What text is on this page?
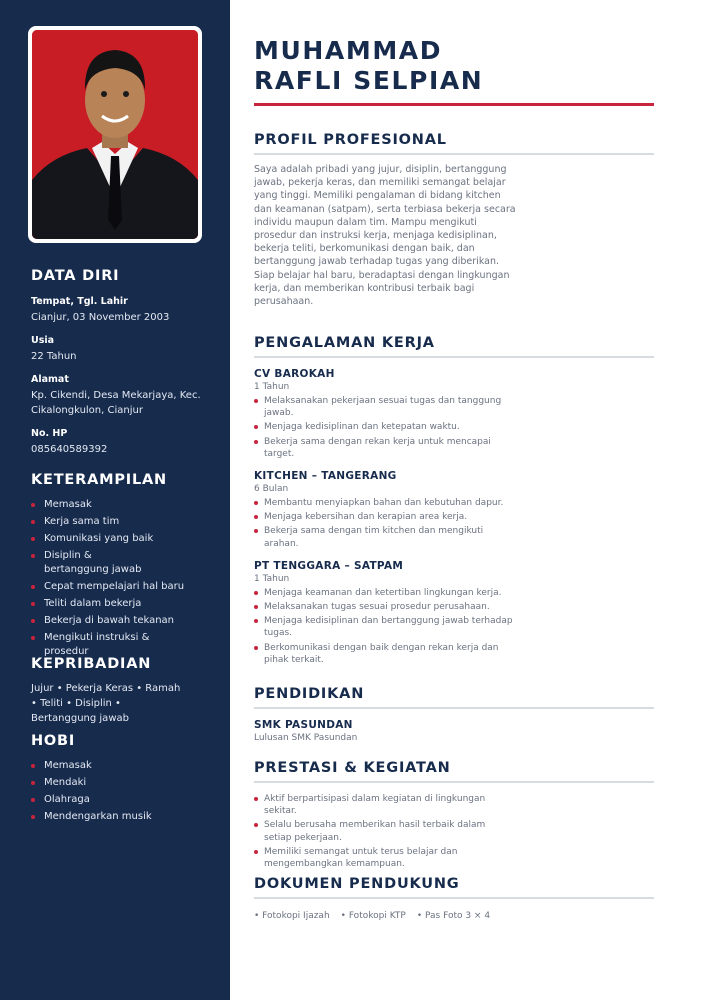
DATA DIRI
Tempat, Tgl. Lahir
Cianjur, 03 November 2003
Usia
22 Tahun
Alamat
Kp. Cikendi, Desa Mekarjaya, Kec. Cikalongkulon, Cianjur
No. HP
085640589392
KETERAMPILAN
Memasak
Kerja sama tim
Komunikasi yang baik
Disiplin & bertanggung jawab
Cepat mempelajari hal baru
Teliti dalam bekerja
Bekerja di bawah tekanan
Mengikuti instruksi & prosedur
KEPRIBADIAN
Jujur • Pekerja Keras • Ramah • Teliti • Disiplin • Bertanggung jawab
HOBI
Memasak
Mendaki
Olahraga
Mendengarkan musik
MUHAMMAD
RAFLI SELPIAN
PROFIL PROFESIONAL
Saya adalah pribadi yang jujur, disiplin, bertanggung jawab, pekerja keras, dan memiliki semangat belajar yang tinggi. Memiliki pengalaman di bidang kitchen dan keamanan (satpam), serta terbiasa bekerja secara individu maupun dalam tim. Mampu mengikuti prosedur dan instruksi kerja, menjaga kedisiplinan, bekerja teliti, berkomunikasi dengan baik, dan bertanggung jawab terhadap tugas yang diberikan. Siap belajar hal baru, beradaptasi dengan lingkungan kerja, dan memberikan kontribusi terbaik bagi perusahaan.
PENGALAMAN KERJA
CV BAROKAH
1 Tahun
Melaksanakan pekerjaan sesuai tugas dan tanggung jawab.
Menjaga kedisiplinan dan ketepatan waktu.
Bekerja sama dengan rekan kerja untuk mencapai target.
KITCHEN – TANGERANG
6 Bulan
Membantu menyiapkan bahan dan kebutuhan dapur.
Menjaga kebersihan dan kerapian area kerja.
Bekerja sama dengan tim kitchen dan mengikuti arahan.
PT TENGGARA – SATPAM
1 Tahun
Menjaga keamanan dan ketertiban lingkungan kerja.
Melaksanakan tugas sesuai prosedur perusahaan.
Menjaga kedisiplinan dan bertanggung jawab terhadap tugas.
Berkomunikasi dengan baik dengan rekan kerja dan pihak terkait.
PENDIDIKAN
SMK PASUNDAN
Lulusan SMK Pasundan
PRESTASI & KEGIATAN
Aktif berpartisipasi dalam kegiatan di lingkungan sekitar.
Selalu berusaha memberikan hasil terbaik dalam setiap pekerjaan.
Memiliki semangat untuk terus belajar dan mengembangkan kemampuan.
DOKUMEN PENDUKUNG
• Fotokopi Ijazah • Fotokopi KTP • Pas Foto 3 × 4
